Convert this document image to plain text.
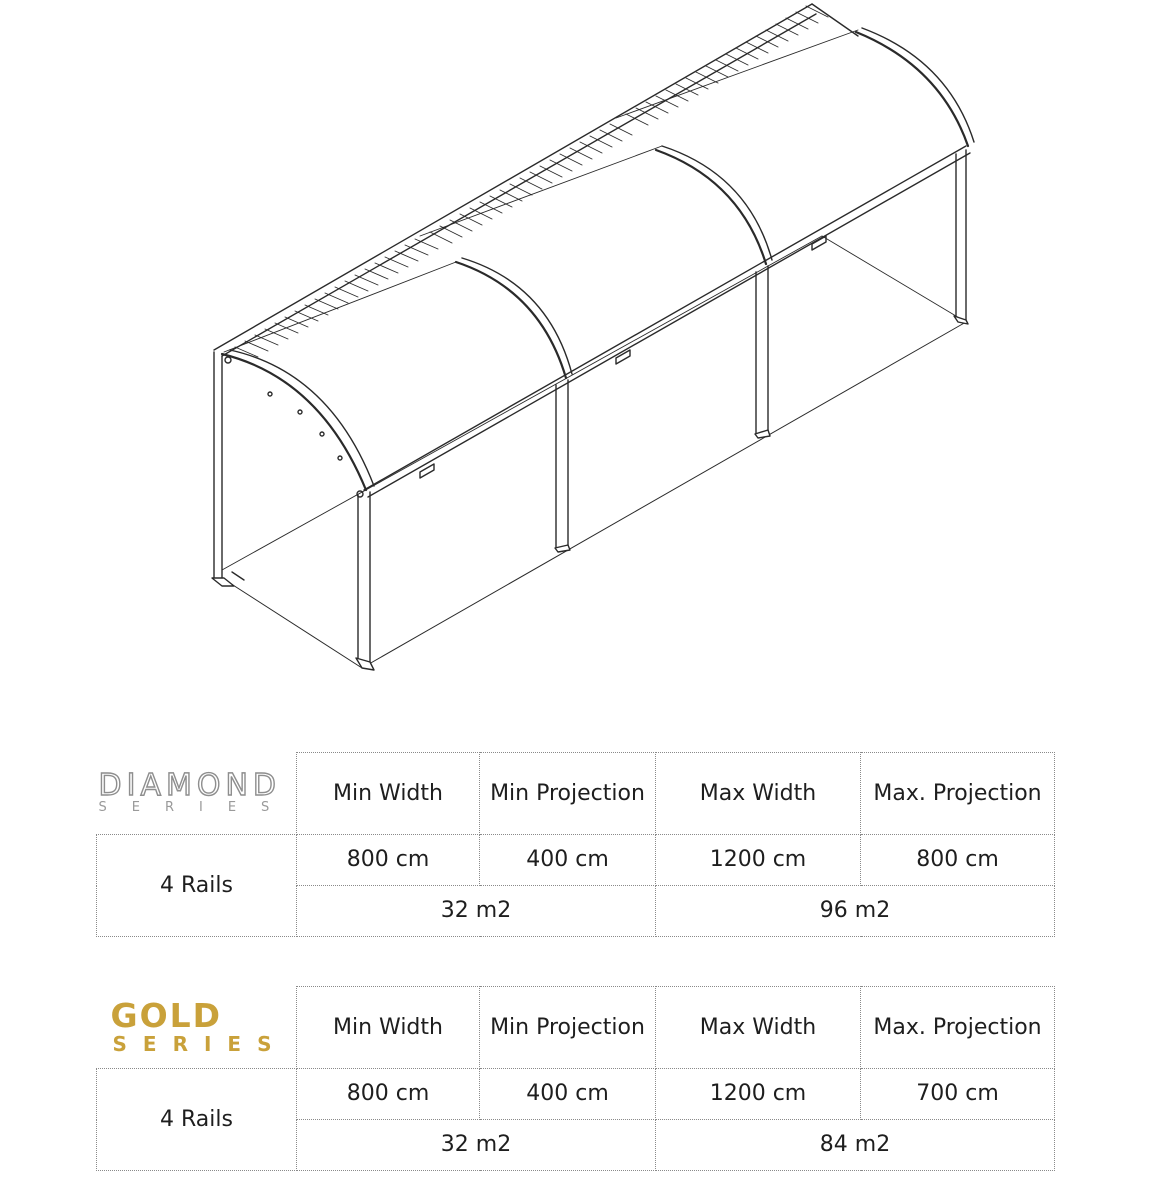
DIAMOND
SERIES	Min Width	Min Projection	Max Width	Max. Projection
4 Rails	800 cm	400 cm	1200 cm	800 cm
	32 m2		96 m2	
GOLD
SERIES	Min Width	Min Projection	Max Width	Max. Projection
4 Rails	800 cm	400 cm	1200 cm	700 cm
	32 m2		84 m2	
